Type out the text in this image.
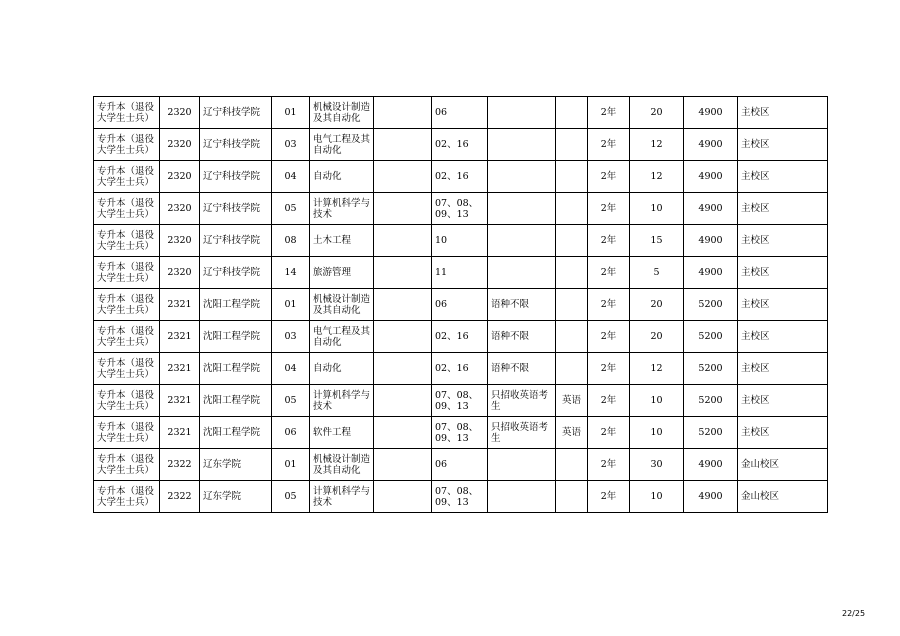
专升本（退役大学生士兵）	2320	辽宁科技学院	01	机械设计制造及其自动化		06			2年	20	4900	主校区
专升本（退役大学生士兵）	2320	辽宁科技学院	03	电气工程及其自动化		02、16			2年	12	4900	主校区
专升本（退役大学生士兵）	2320	辽宁科技学院	04	自动化		02、16			2年	12	4900	主校区
专升本（退役大学生士兵）	2320	辽宁科技学院	05	计算机科学与技术		07、08、09、13			2年	10	4900	主校区
专升本（退役大学生士兵）	2320	辽宁科技学院	08	土木工程		10			2年	15	4900	主校区
专升本（退役大学生士兵）	2320	辽宁科技学院	14	旅游管理		11			2年	5	4900	主校区
专升本（退役大学生士兵）	2321	沈阳工程学院	01	机械设计制造及其自动化		06	语种不限		2年	20	5200	主校区
专升本（退役大学生士兵）	2321	沈阳工程学院	03	电气工程及其自动化		02、16	语种不限		2年	20	5200	主校区
专升本（退役大学生士兵）	2321	沈阳工程学院	04	自动化		02、16	语种不限		2年	12	5200	主校区
专升本（退役大学生士兵）	2321	沈阳工程学院	05	计算机科学与技术		07、08、09、13	只招收英语考生	英语	2年	10	5200	主校区
专升本（退役大学生士兵）	2321	沈阳工程学院	06	软件工程		07、08、09、13	只招收英语考生	英语	2年	10	5200	主校区
专升本（退役大学生士兵）	2322	辽东学院	01	机械设计制造及其自动化		06			2年	30	4900	金山校区
专升本（退役大学生士兵）	2322	辽东学院	05	计算机科学与技术		07、08、09、13			2年	10	4900	金山校区
22/25
